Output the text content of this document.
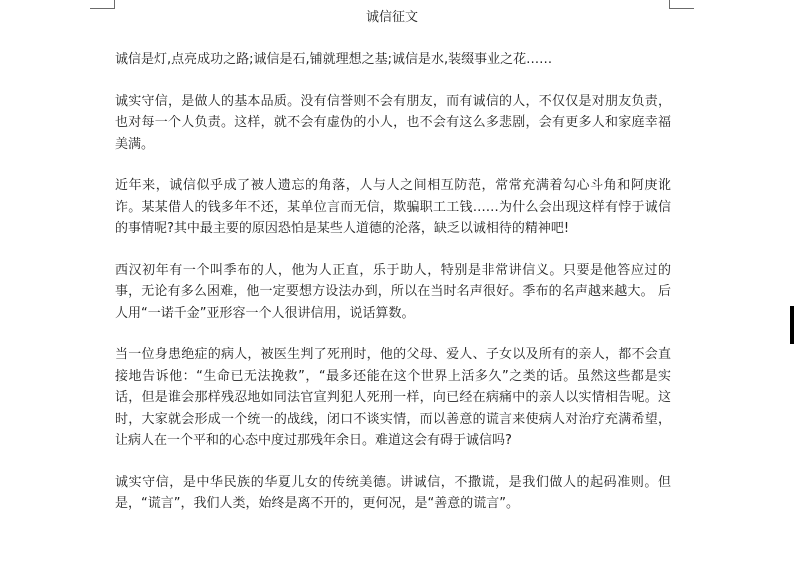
诚信征文

诚信是灯,点亮成功之路;诚信是石,铺就理想之基;诚信是水,装缀事业之花……

诚实守信，是做人的基本品质。没有信誉则不会有朋友，而有诚信的人，不仅仅是对朋友负责，也对每一个人负责。这样，就不会有虚伪的小人，也不会有这么多悲剧，会有更多人和家庭幸福美满。

近年来，诚信似乎成了被人遗忘的角落，人与人之间相互防范，常常充满着勾心斗角和阿庚讹诈。某某借人的钱多年不还，某单位言而无信，欺骗职工工钱……为什么会出现这样有悖于诚信的事情呢?其中最主要的原因恐怕是某些人道德的沦落，缺乏以诚相待的精神吧!

西汉初年有一个叫季布的人，他为人正直，乐于助人，特别是非常讲信义。只要是他答应过的事，无论有多么困难，他一定要想方设法办到，所以在当时名声很好。季布的名声越来越大。 后人用“一诺千金”亚形容一个人很讲信用，说话算数。

当一位身患绝症的病人，被医生判了死刑时，他的父母、爱人、子女以及所有的亲人，都不会直接地告诉他：“生命已无法挽救”，“最多还能在这个世界上活多久”之类的话。虽然这些都是实话，但是谁会那样残忍地如同法官宣判犯人死刑一样，向已经在病痛中的亲人以实情相告呢。这时，大家就会形成一个统一的战线，闭口不谈实情，而以善意的谎言来使病人对治疗充满希望，让病人在一个平和的心态中度过那残年余日。难道这会有碍于诚信吗?

诚实守信，是中华民族的华夏儿女的传统美德。讲诚信，不撒谎，是我们做人的起码准则。但是，“谎言”，我们人类，始终是离不开的，更何况，是“善意的谎言”。
